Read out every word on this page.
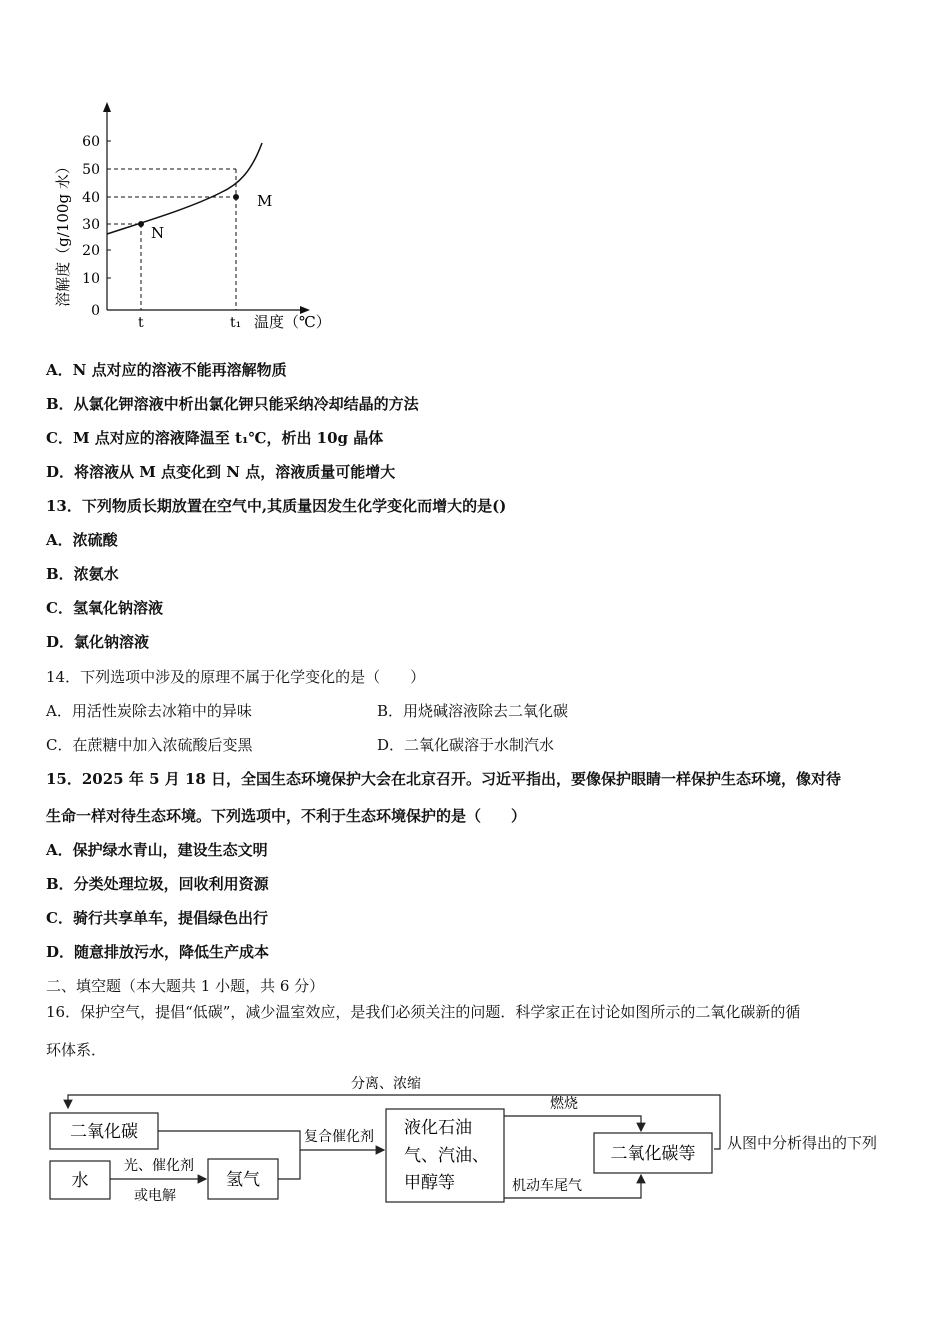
溶解度（g/100g 水）
0
10
20
30
40
50
60
N
M
t	t₁ 温度（℃）
A．N 点对应的溶液不能再溶解物质
B．从氯化钾溶液中析出氯化钾只能采纳冷却结晶的方法
C．M 点对应的溶液降温至 t₁℃，析出 10g 晶体
D．将溶液从 M 点变化到 N 点，溶液质量可能增大
13．下列物质长期放置在空气中,其质量因发生化学变化而增大的是()
A．浓硫酸
B．浓氨水
C．氢氧化钠溶液
D．氯化钠溶液
14．下列选项中涉及的原理不属于化学变化的是（　　）
A．用活性炭除去冰箱中的异味	B．用烧碱溶液除去二氧化碳
C．在蔗糖中加入浓硫酸后变黑	D．二氧化碳溶于水制汽水
15．2025 年 5 月 18 日，全国生态环境保护大会在北京召开。习近平指出，要像保护眼睛一样保护生态环境，像对待
生命一样对待生态环境。下列选项中，不利于生态环境保护的是（　　）
A．保护绿水青山，建设生态文明
B．分类处理垃圾，回收利用资源
C．骑行共享单车，提倡绿色出行
D．随意排放污水，降低生产成本
二、填空题（本大题共 1 小题，共 6 分）
16．保护空气，提倡“低碳”，减少温室效应，是我们必须关注的问题．科学家正在讨论如图所示的二氧化碳新的循
环体系．
分离、浓缩
二氧化碳
水	氢气
液化石油
气、汽油、
甲醇等
二氧化碳等
光、催化剂
或电解
复合催化剂
燃烧
机动车尾气
从图中分析得出的下列
